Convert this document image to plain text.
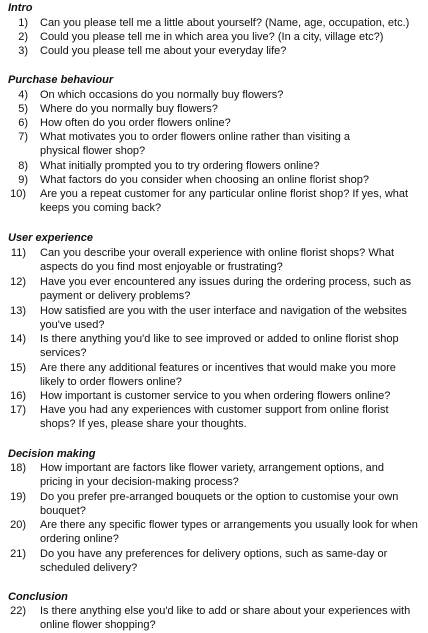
Intro
1) Can you please tell me a little about yourself? (Name, age, occupation, etc.)
2) Could you please tell me in which area you live? (In a city, village etc?)
3) Could you please tell me about your everyday life?
Purchase behaviour
4) On which occasions do you normally buy flowers?
5) Where do you normally buy flowers?
6) How often do you order flowers online?
7) What motivates you to order flowers online rather than visiting a physical flower shop?
8) What initially prompted you to try ordering flowers online?
9) What factors do you consider when choosing an online florist shop?
10) Are you a repeat customer for any particular online florist shop? If yes, what keeps you coming back?
User experience
11) Can you describe your overall experience with online florist shops? What aspects do you find most enjoyable or frustrating?
12) Have you ever encountered any issues during the ordering process, such as payment or delivery problems?
13) How satisfied are you with the user interface and navigation of the websites you've used?
14) Is there anything you'd like to see improved or added to online florist shop services?
15) Are there any additional features or incentives that would make you more likely to order flowers online?
16) How important is customer service to you when ordering flowers online?
17) Have you had any experiences with customer support from online florist shops? If yes, please share your thoughts.
Decision making
18) How important are factors like flower variety, arrangement options, and pricing in your decision-making process?
19) Do you prefer pre-arranged bouquets or the option to customise your own bouquet?
20) Are there any specific flower types or arrangements you usually look for when ordering online?
21) Do you have any preferences for delivery options, such as same-day or scheduled delivery?
Conclusion
22) Is there anything else you'd like to add or share about your experiences with online flower shopping?
